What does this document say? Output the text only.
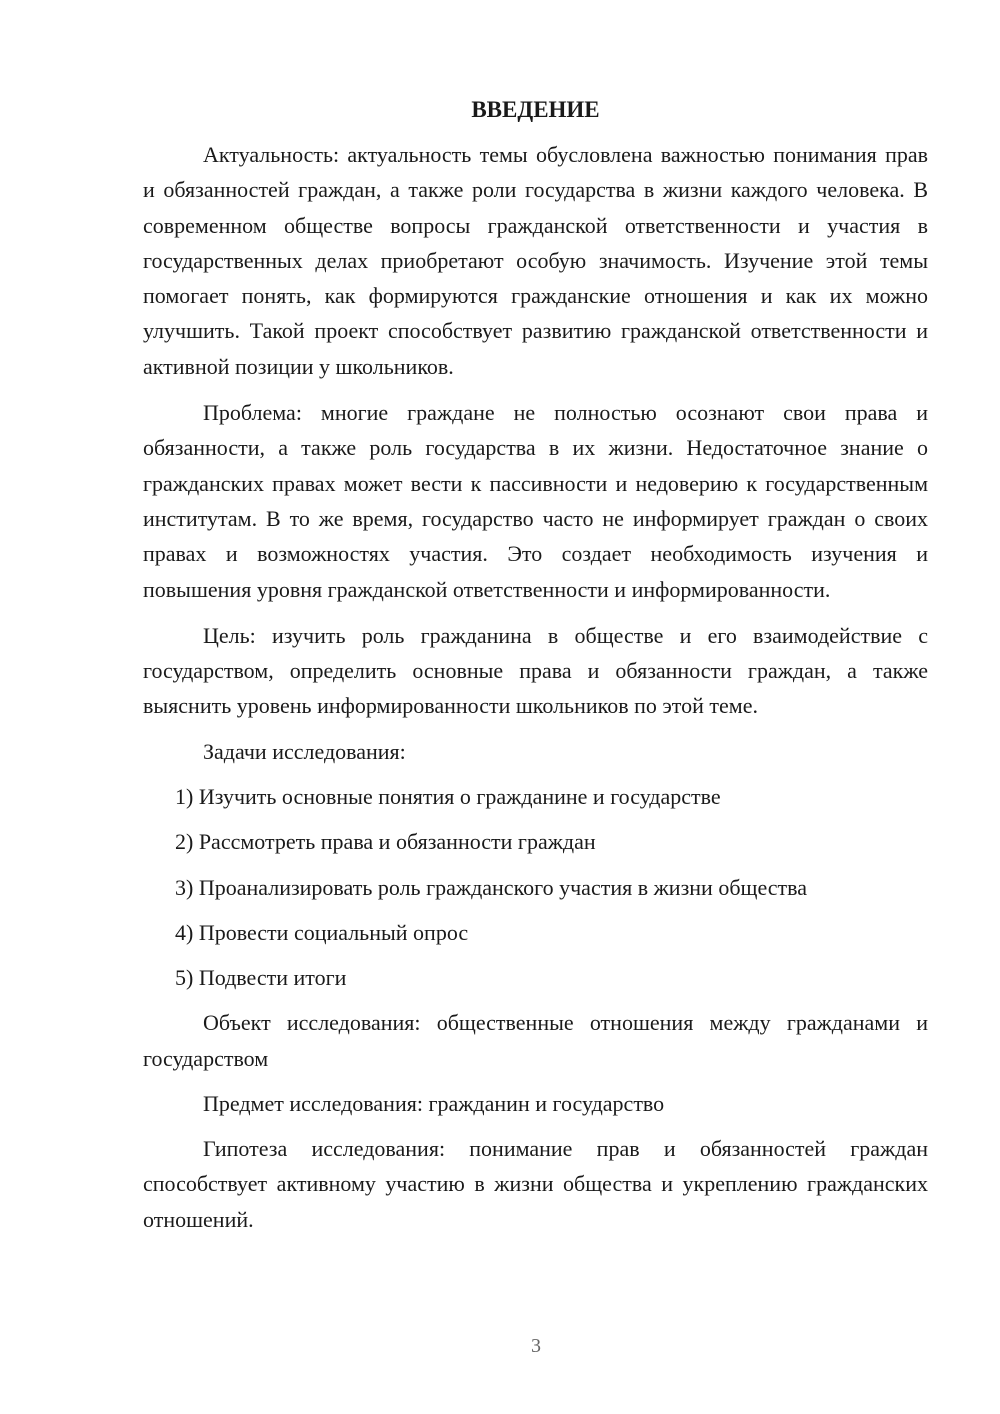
ВВЕДЕНИЕ

Актуальность: актуальность темы обусловлена важностью понимания прав и обязанностей граждан, а также роли государства в жизни каждого человека. В современном обществе вопросы гражданской ответственности и участия в государственных делах приобретают особую значимость. Изучение этой темы помогает понять, как формируются гражданские отношения и как их можно улучшить. Такой проект способствует развитию гражданской ответственности и активной позиции у школьников.

Проблема: многие граждане не полностью осознают свои права и обязанности, а также роль государства в их жизни. Недостаточное знание о гражданских правах может вести к пассивности и недоверию к государственным институтам. В то же время, государство часто не информирует граждан о своих правах и возможностях участия. Это создает необходимость изучения и повышения уровня гражданской ответственности и информированности.

Цель: изучить роль гражданина в обществе и его взаимодействие с государством, определить основные права и обязанности граждан, а также выяснить уровень информированности школьников по этой теме.

Задачи исследования:

1) Изучить основные понятия о гражданине и государстве
2) Рассмотреть права и обязанности граждан
3) Проанализировать роль гражданского участия в жизни общества
4) Провести социальный опрос
5) Подвести итоги

Объект исследования: общественные отношения между гражданами и государством

Предмет исследования: гражданин и государство

Гипотеза исследования: понимание прав и обязанностей граждан способствует активному участию в жизни общества и укреплению гражданских отношений.

3
